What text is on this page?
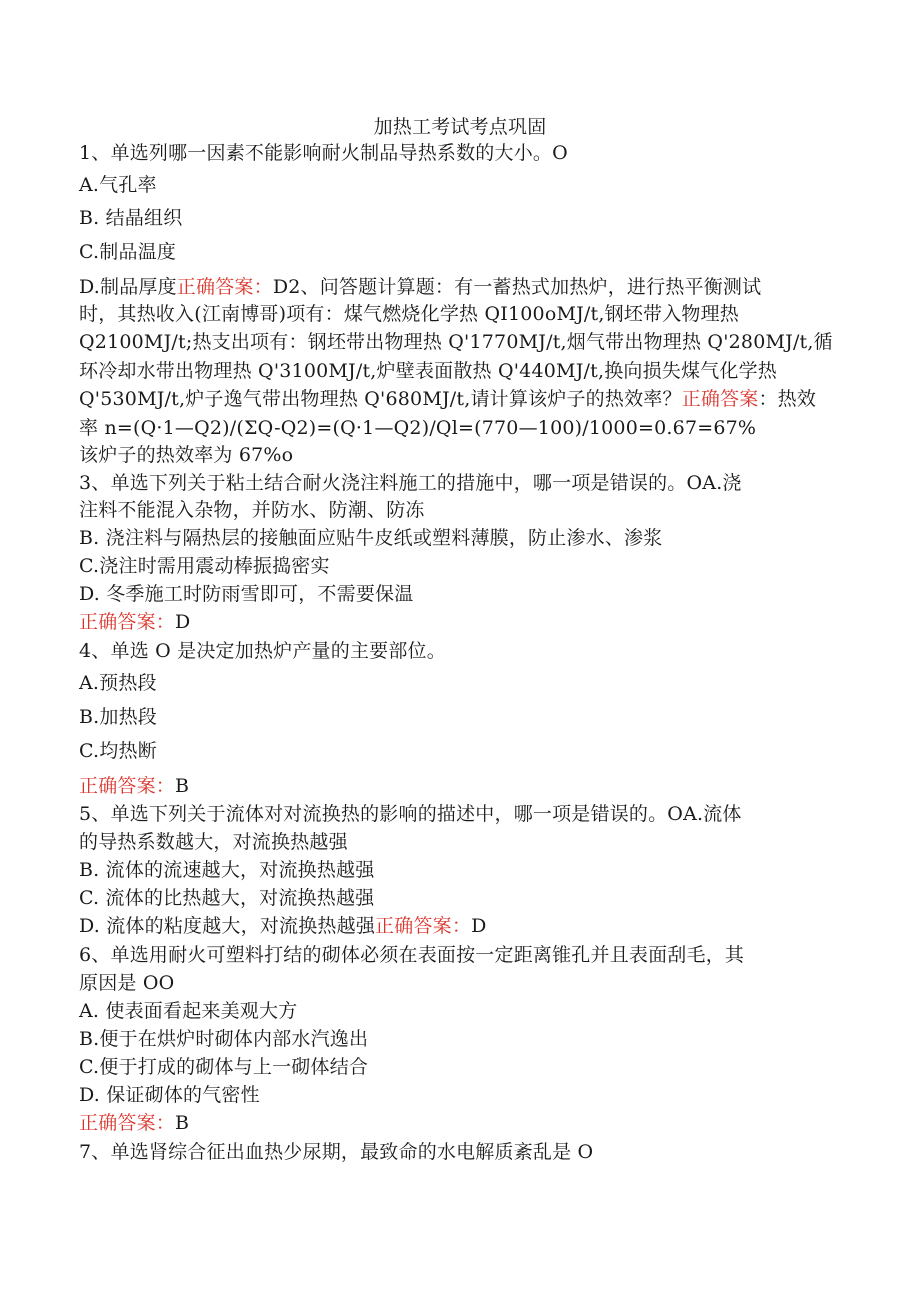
加热工考试考点巩固
1、单选列哪一因素不能影响耐火制品导热系数的大小。O
A.气孔率
B. 结晶组织
C.制品温度
D.制品厚度正确答案：D2、问答题计算题：有一蓄热式加热炉，进行热平衡测试
时，其热收入(江南博哥)项有：煤气燃烧化学热 QI100oMJ/t,钢坯带入物理热
Q2100MJ/t;热支出项有：钢坯带出物理热 Q'1770MJ/t,烟气带出物理热 Q'280MJ/t,循
环冷却水带出物理热 Q'3100MJ/t,炉壁表面散热 Q'440MJ/t,换向损失煤气化学热
Q'530MJ/t,炉子逸气带出物理热 Q'680MJ/t,请计算该炉子的热效率？正确答案：热效
率 n=(Q·1—Q2)/(ΣQ-Q2)=(Q·1—Q2)/Ql=(770—100)/1000=0.67=67%
该炉子的热效率为 67%o
3、单选下列关于粘土结合耐火浇注料施工的措施中，哪一项是错误的。OA.浇
注料不能混入杂物，并防水、防潮、防冻
B. 浇注料与隔热层的接触面应贴牛皮纸或塑料薄膜，防止渗水、渗浆
C.浇注时需用震动棒振捣密实
D. 冬季施工时防雨雪即可，不需要保温
正确答案：D
4、单选 O 是决定加热炉产量的主要部位。
A.预热段
B.加热段
C.均热断
正确答案：B
5、单选下列关于流体对对流换热的影响的描述中，哪一项是错误的。OA.流体
的导热系数越大，对流换热越强
B. 流体的流速越大，对流换热越强
C. 流体的比热越大，对流换热越强
D. 流体的粘度越大，对流换热越强正确答案：D
6、单选用耐火可塑料打结的砌体必须在表面按一定距离锥孔并且表面刮毛，其
原因是 OO
A. 使表面看起来美观大方
B.便于在烘炉时砌体内部水汽逸出
C.便于打成的砌体与上一砌体结合
D. 保证砌体的气密性
正确答案：B
7、单选肾综合征出血热少尿期，最致命的水电解质紊乱是 O
